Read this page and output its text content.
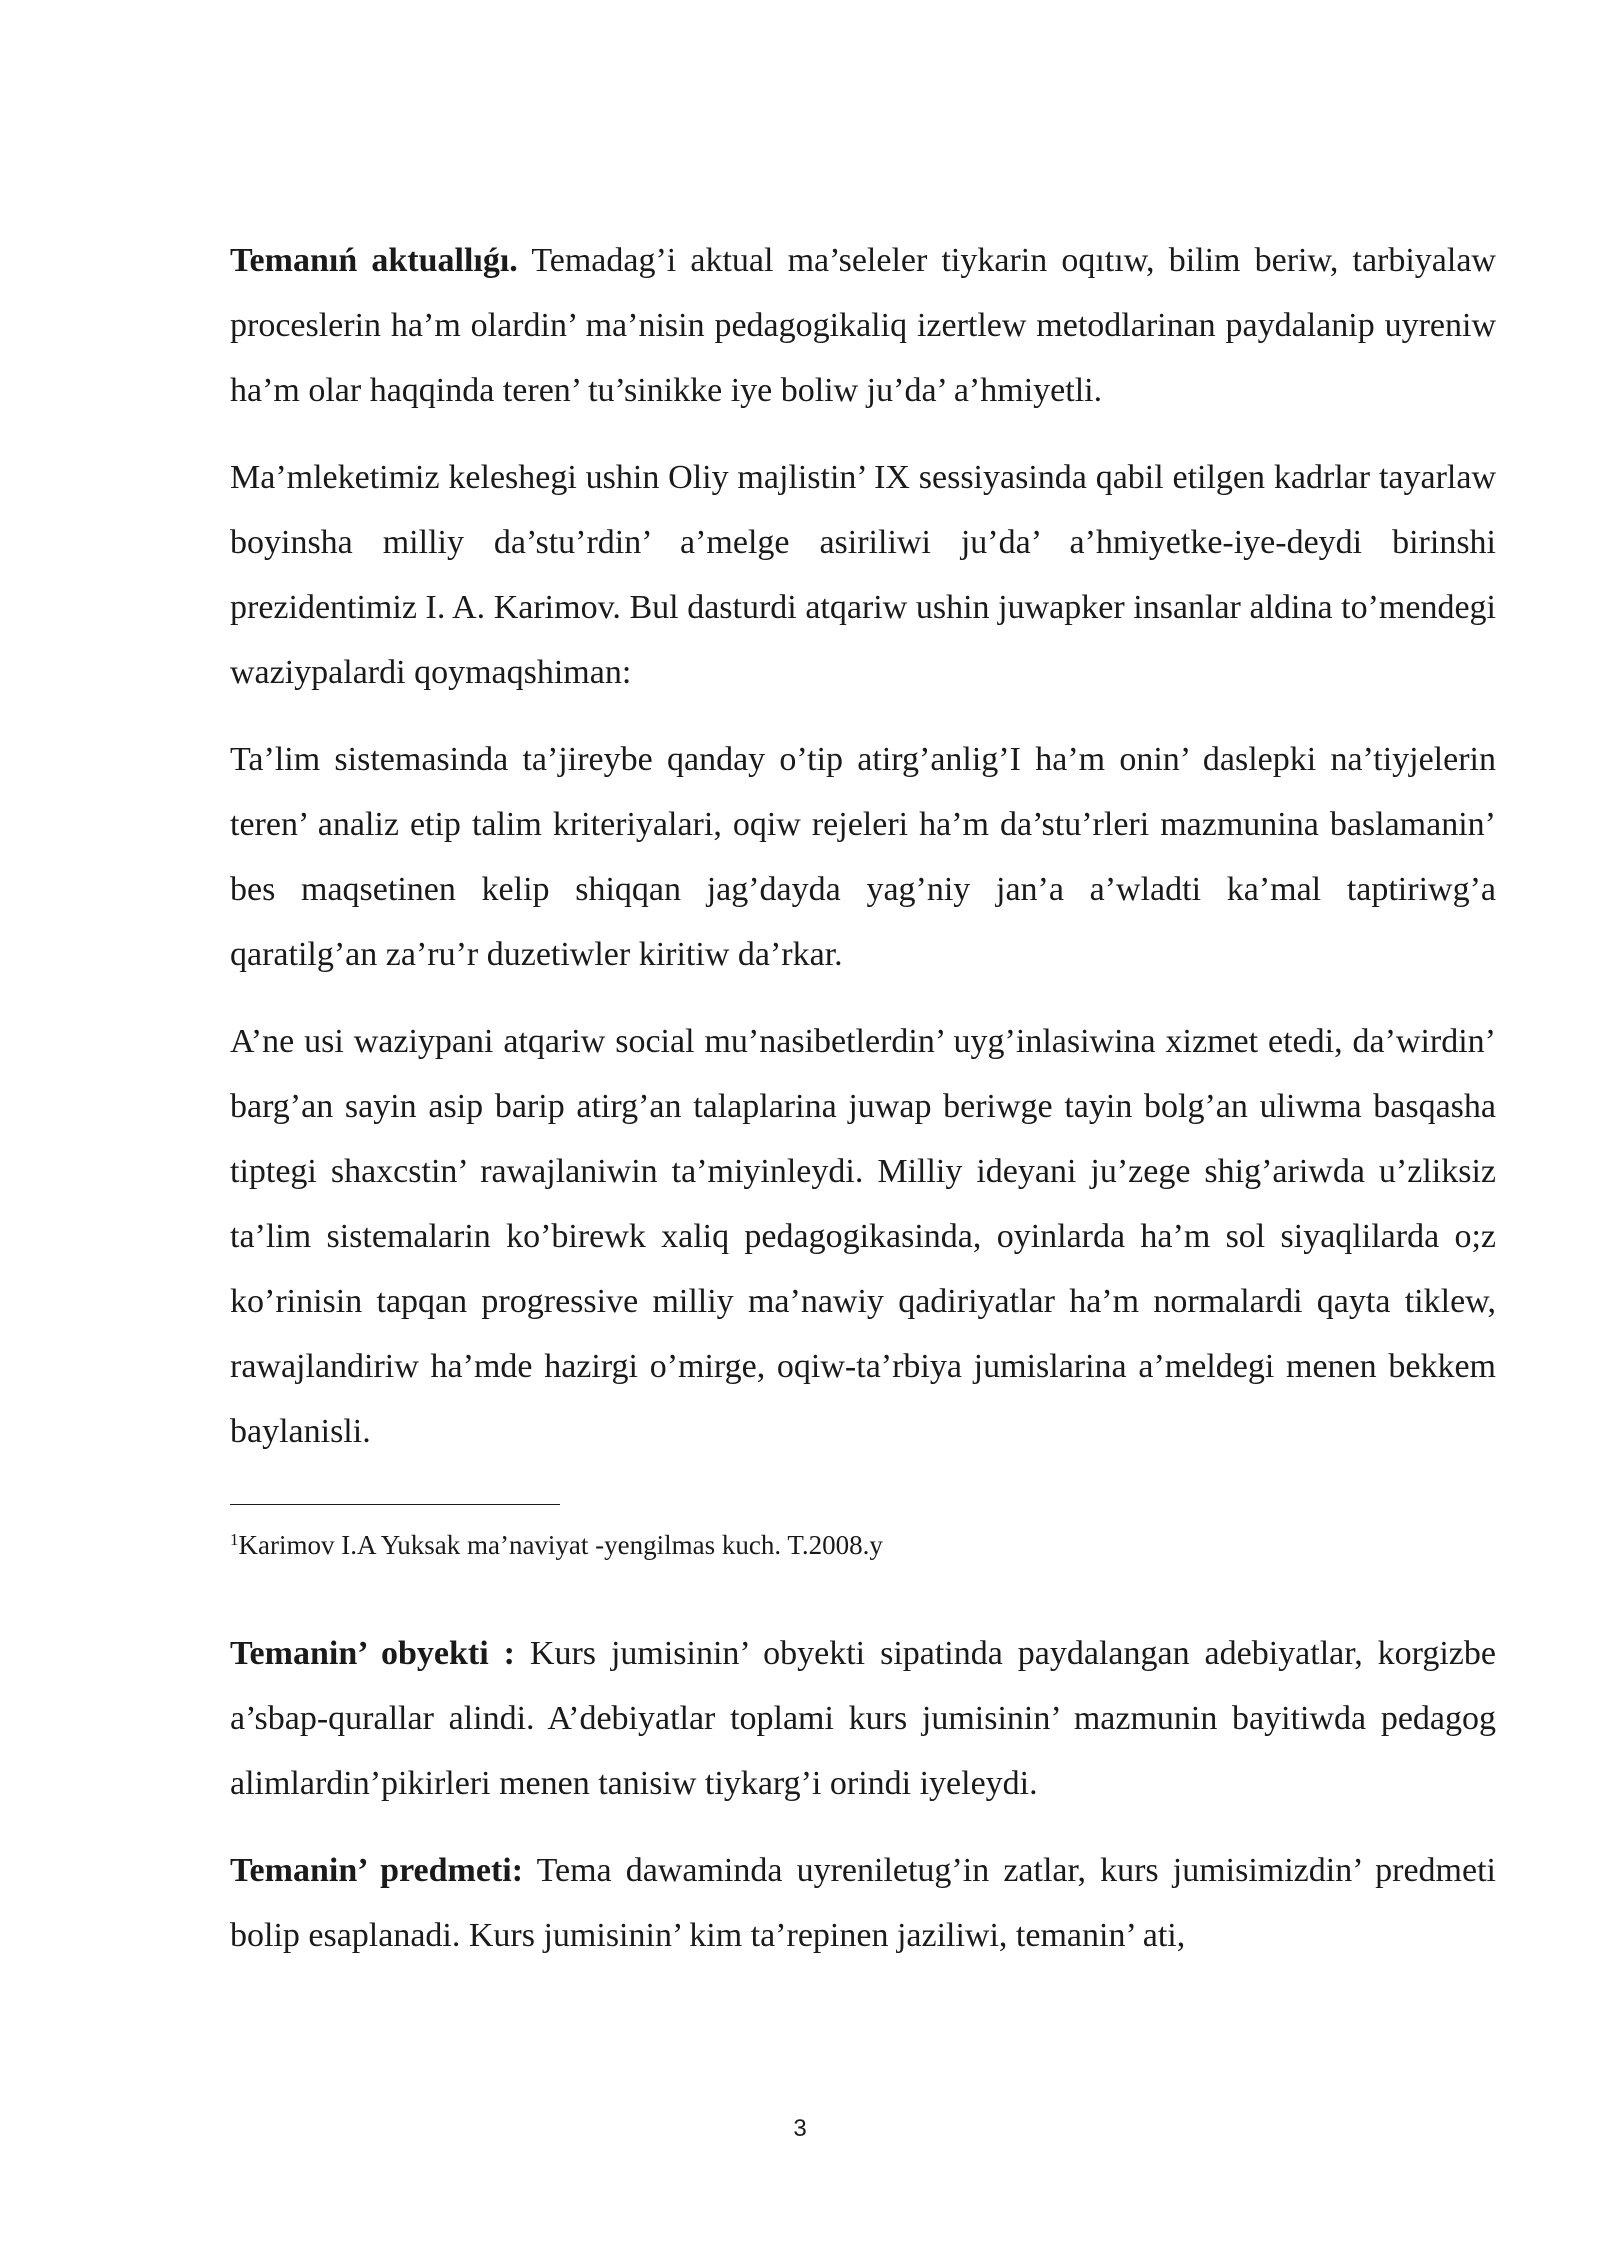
Temanıń aktuallıǵı. Temadag’i aktual ma’seleler tiykarin oqıtıw, bilim beriw, tarbiyalaw proceslerin ha’m olardin’ ma’nisin pedagogikaliq izertlew metodlarinan paydalanip uyreniw ha’m olar haqqinda teren’ tu’sinikke iye boliw ju’da’ a’hmiyetli.

Ma’mleketimiz keleshegi ushin Oliy majlistin’ IX sessiyasinda qabil etilgen kadrlar tayarlaw boyinsha milliy da’stu’rdin’ a’melge asiriliwi ju’da’ a’hmiyetke-iye-deydi birinshi prezidentimiz I. A. Karimov. Bul dasturdi atqariw ushin juwapker insanlar aldina to’mendegi waziypalardi qoymaqshiman:

Ta’lim sistemasinda ta’jireybe qanday o’tip atirg’anlig’I ha’m onin’ daslepki na’tiyjelerin teren’ analiz etip talim kriteriyalari, oqiw rejeleri ha’m da’stu’rleri mazmunina baslamanin’ bes maqsetinen kelip shiqqan jag’dayda yag’niy jan’a a’wladti ka’mal taptiriwg’a qaratilg’an za’ru’r duzetiwler kiritiw da’rkar.

A’ne usi waziypani atqariw social mu’nasibetlerdin’ uyg’inlasiwina xizmet etedi, da’wirdin’ barg’an sayin asip barip atirg’an talaplarina juwap beriwge tayin bolg’an uliwma basqasha tiptegi shaxcstin’ rawajlaniwin ta’miyinleydi. Milliy ideyani ju’zege shig’ariwda u’zliksiz ta’lim sistemalarin ko’birewk xaliq pedagogikasinda, oyinlarda ha’m sol siyaqlilarda o;z ko’rinisin tapqan progressive milliy ma’nawiy qadiriyatlar ha’m normalardi qayta tiklew, rawajlandiriw ha’mde hazirgi o’mirge, oqiw-ta’rbiya jumislarina a’meldegi menen bekkem baylanisli.

$^1$Karimov I.A Yuksak ma’naviyat -yengilmas kuch. T.2008.y

Temanin’ obyekti : Kurs jumisinin’ obyekti sipatinda paydalangan adebiyatlar, korgizbe a’sbap-qurallar alindi. A’debiyatlar toplami kurs jumisinin’ mazmunin bayitiwda pedagog alimlardin’pikirleri menen tanisiw tiykarg’i orindi iyeleydi.

Temanin’ predmeti: Tema dawaminda uyreniletug’in zatlar, kurs jumisimizdin’ predmeti bolip esaplanadi. Kurs jumisinin’ kim ta’repinen jaziliwi, temanin’ ati,

3
